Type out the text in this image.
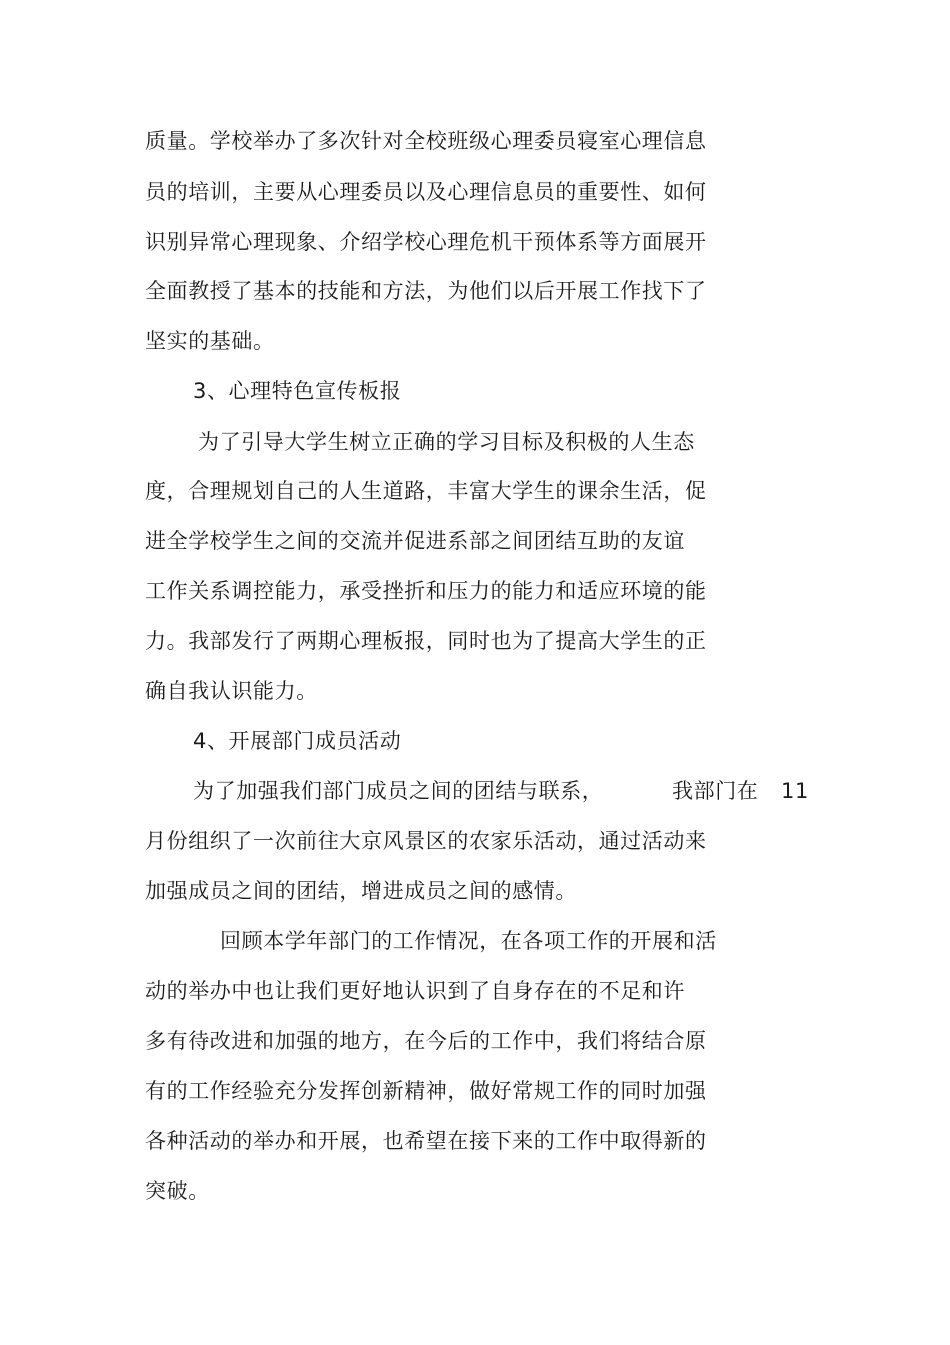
质量。学校举办了多次针对全校班级心理委员寝室心理信息
员的培训，主要从心理委员以及心理信息员的重要性、如何
识别异常心理现象、介绍学校心理危机干预体系等方面展开
全面教授了基本的技能和方法，为他们以后开展工作找下了
坚实的基础。
3、心理特色宣传板报
为了引导大学生树立正确的学习目标及积极的人生态
度，合理规划自己的人生道路，丰富大学生的课余生活，促
进全学校学生之间的交流并促进系部之间团结互助的友谊
工作关系调控能力，承受挫折和压力的能力和适应环境的能
力。我部发行了两期心理板报，同时也为了提高大学生的正
确自我认识能力。
4、开展部门成员活动
为了加强我们部门成员之间的团结与联系，	我部门在 11
月份组织了一次前往大京风景区的农家乐活动，通过活动来
加强成员之间的团结，增进成员之间的感情。
回顾本学年部门的工作情况，在各项工作的开展和活
动的举办中也让我们更好地认识到了自身存在的不足和许
多有待改进和加强的地方，在今后的工作中，我们将结合原
有的工作经验充分发挥创新精神，做好常规工作的同时加强
各种活动的举办和开展，也希望在接下来的工作中取得新的
突破。
